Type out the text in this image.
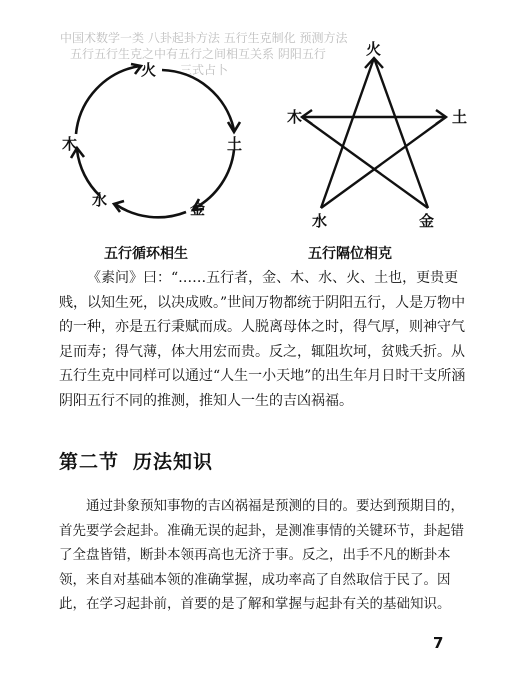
中国术数学一类 八卦起卦方法 五行生克制化 预测方法
五行五行生克之中有五行之间相互关系 阴阳五行
三式占卜
火
土
金
水
木
火
土
金
水
木
五行循环相生	五行隔位相克

《素问》曰：“……五行者，金、木、水、火、土也，更贵更贱，以知生死，以决成败。”世间万物都统于阴阳五行，人是万物中的一种，亦是五行秉赋而成。人脱离母体之时，得气厚，则神守气足而寿；得气薄，体大用宏而贵。反之，辄阻坎坷，贫贱夭折。从五行生克中同样可以通过“人生一小天地”的出生年月日时干支所涵阴阳五行不同的推测，推知人一生的吉凶祸福。

第二节 历法知识

通过卦象预知事物的吉凶祸福是预测的目的。要达到预期目的，首先要学会起卦。准确无误的起卦，是测准事情的关键环节，卦起错了全盘皆错，断卦本领再高也无济于事。反之，出手不凡的断卦本领，来自对基础本领的准确掌握，成功率高了自然取信于民了。因此，在学习起卦前，首要的是了解和掌握与起卦有关的基础知识。

7
